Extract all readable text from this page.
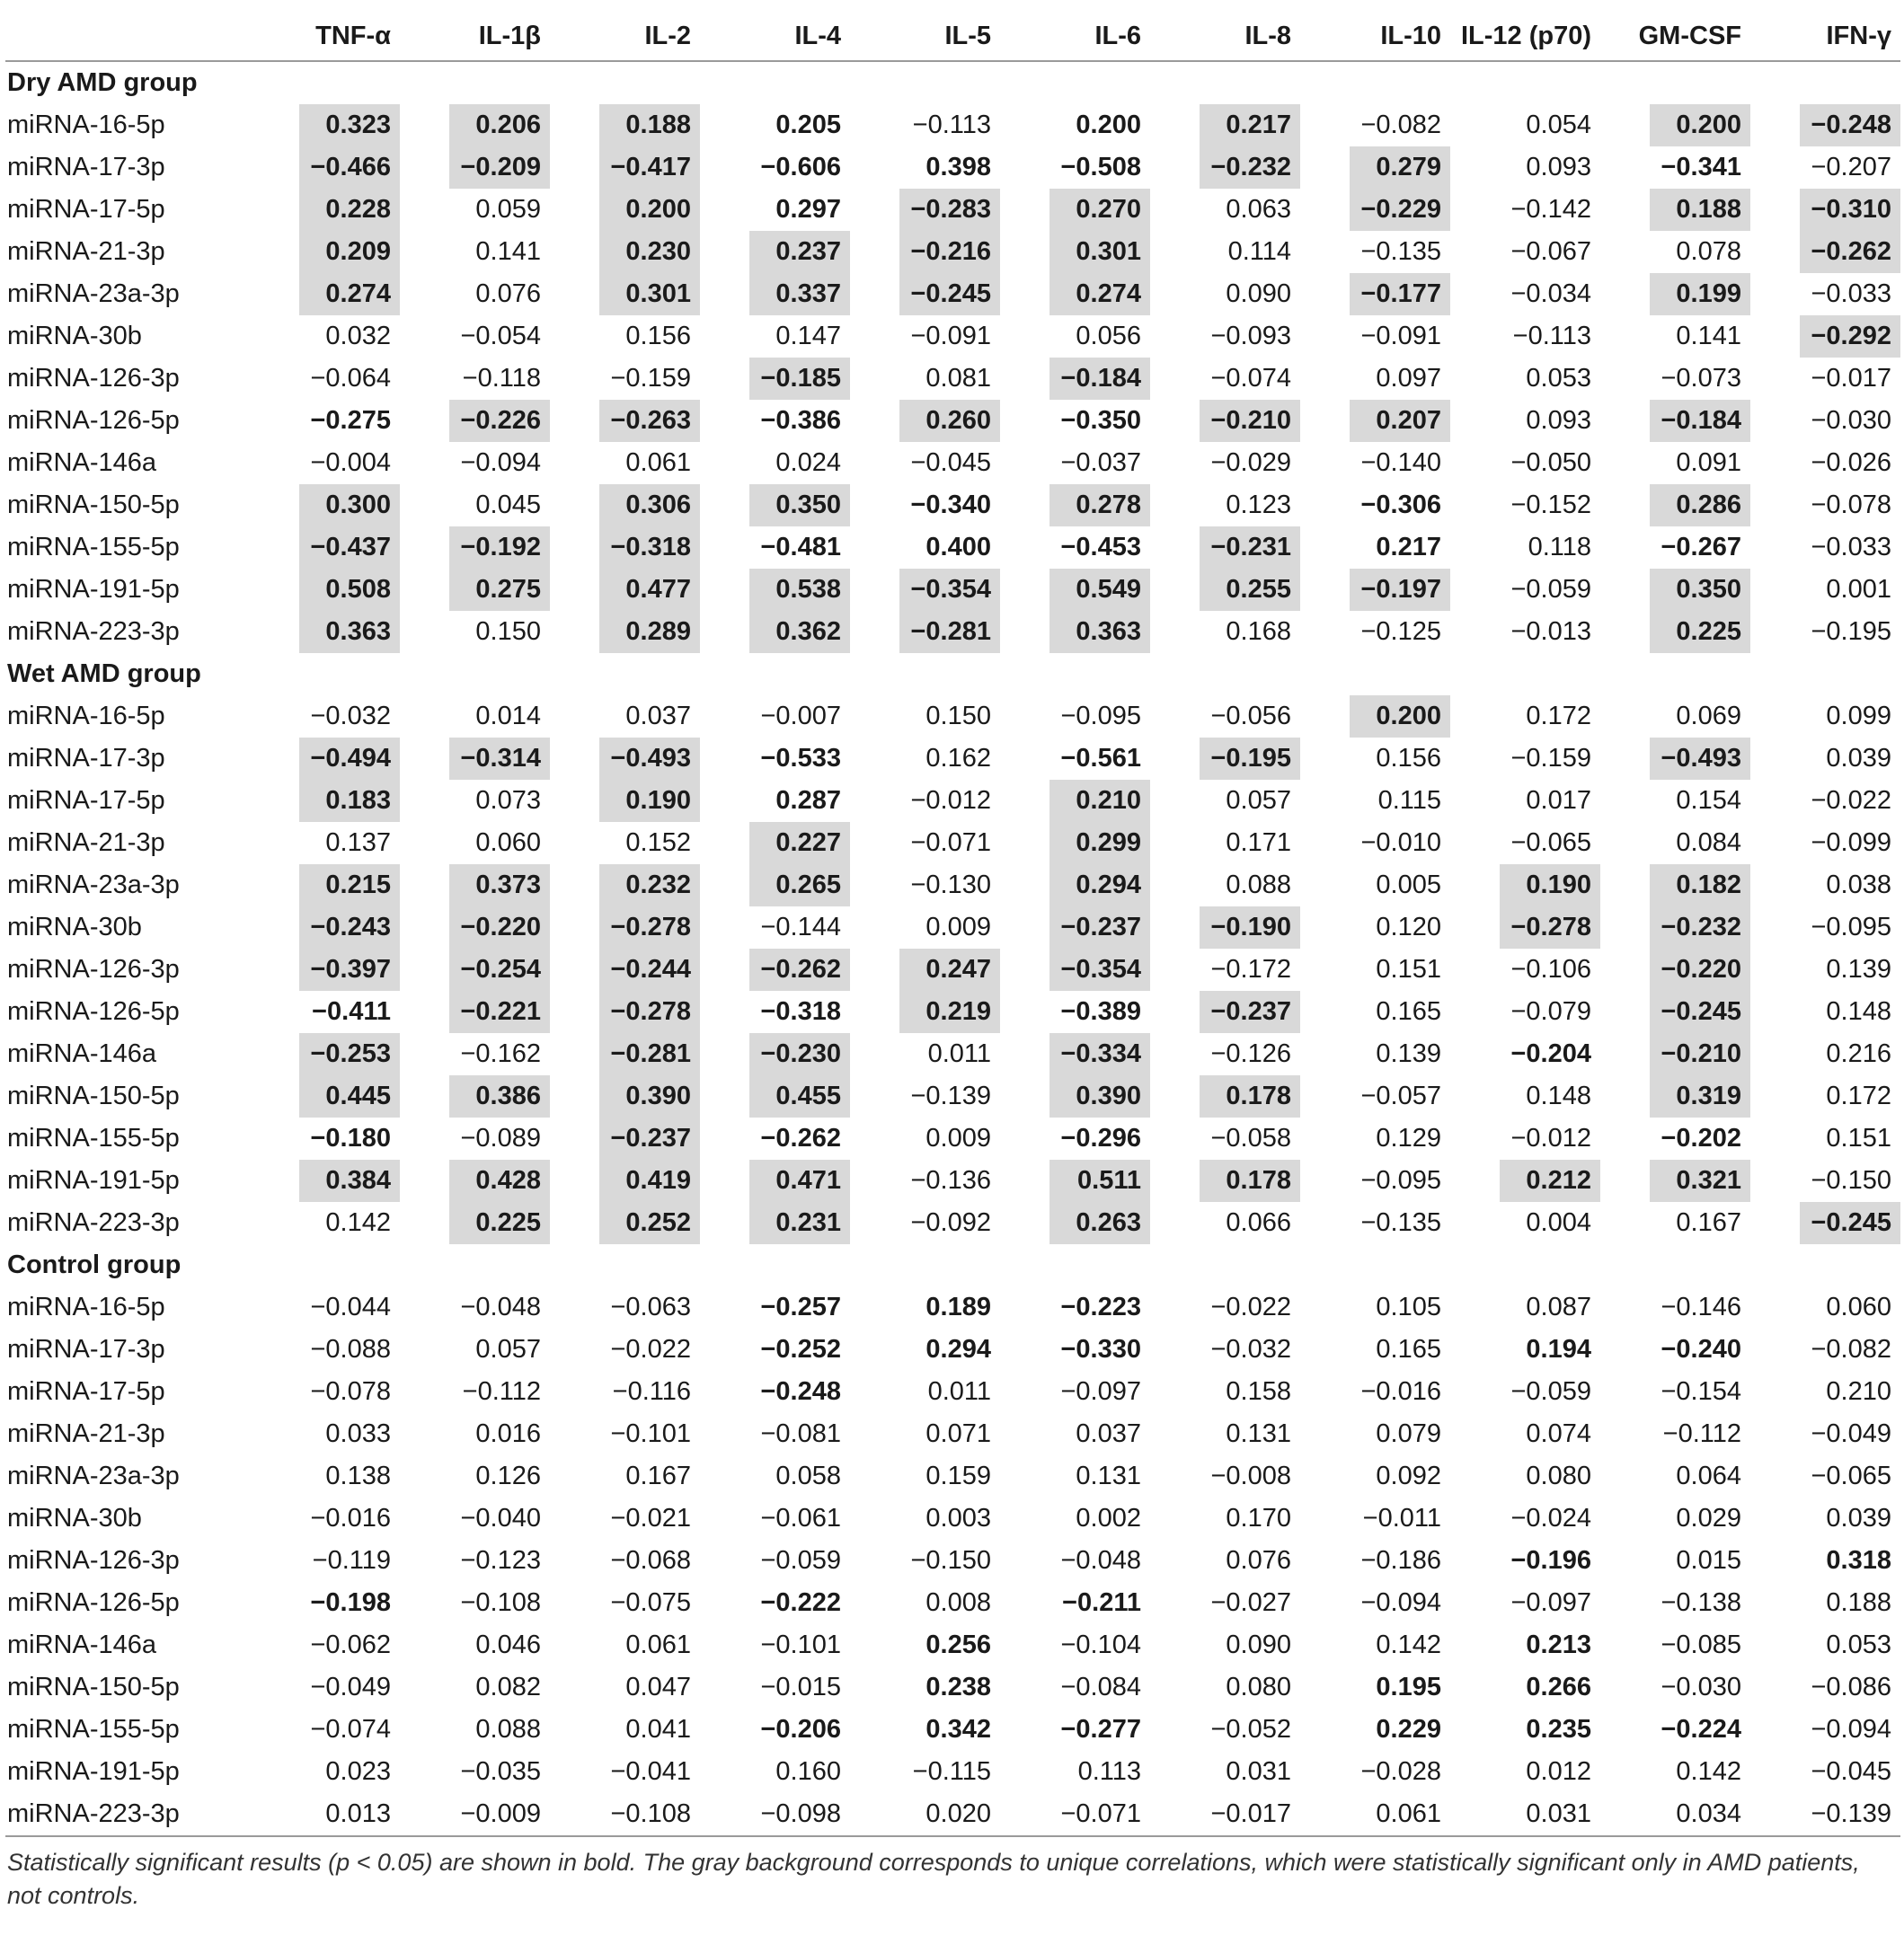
	TNF-α	IL-1β	IL-2	IL-4	IL-5	IL-6	IL-8	IL-10	IL-12 (p70)	GM-CSF	IFN-γ
Dry AMD group											
miRNA-16-5p	0.323	0.206	0.188	0.205	−0.113	0.200	0.217	−0.082	0.054	0.200	−0.248

miRNA-17-3p	−0.466	−0.209	−0.417	−0.606	0.398	−0.508	−0.232	0.279	0.093	−0.341	−0.207

miRNA-17-5p	0.228	0.059	0.200	0.297	−0.283	0.270	0.063	−0.229	−0.142	0.188	−0.310

miRNA-21-3p	0.209	0.141	0.230	0.237	−0.216	0.301	0.114	−0.135	−0.067	0.078	−0.262

miRNA-23a-3p	0.274	0.076	0.301	0.337	−0.245	0.274	0.090	−0.177	−0.034	0.199	−0.033

miRNA-30b	0.032	−0.054	0.156	0.147	−0.091	0.056	−0.093	−0.091	−0.113	0.141	−0.292

miRNA-126-3p	−0.064	−0.118	−0.159	−0.185	0.081	−0.184	−0.074	0.097	0.053	−0.073	−0.017

miRNA-126-5p	−0.275	−0.226	−0.263	−0.386	0.260	−0.350	−0.210	0.207	0.093	−0.184	−0.030

miRNA-146a	−0.004	−0.094	0.061	0.024	−0.045	−0.037	−0.029	−0.140	−0.050	0.091	−0.026

miRNA-150-5p	0.300	0.045	0.306	0.350	−0.340	0.278	0.123	−0.306	−0.152	0.286	−0.078

miRNA-155-5p	−0.437	−0.192	−0.318	−0.481	0.400	−0.453	−0.231	0.217	0.118	−0.267	−0.033

miRNA-191-5p	0.508	0.275	0.477	0.538	−0.354	0.549	0.255	−0.197	−0.059	0.350	0.001

miRNA-223-3p	0.363	0.150	0.289	0.362	−0.281	0.363	0.168	−0.125	−0.013	0.225	−0.195

Wet AMD group											
miRNA-16-5p	−0.032	0.014	0.037	−0.007	0.150	−0.095	−0.056	0.200	0.172	0.069	0.099

miRNA-17-3p	−0.494	−0.314	−0.493	−0.533	0.162	−0.561	−0.195	0.156	−0.159	−0.493	0.039

miRNA-17-5p	0.183	0.073	0.190	0.287	−0.012	0.210	0.057	0.115	0.017	0.154	−0.022

miRNA-21-3p	0.137	0.060	0.152	0.227	−0.071	0.299	0.171	−0.010	−0.065	0.084	−0.099

miRNA-23a-3p	0.215	0.373	0.232	0.265	−0.130	0.294	0.088	0.005	0.190	0.182	0.038

miRNA-30b	−0.243	−0.220	−0.278	−0.144	0.009	−0.237	−0.190	0.120	−0.278	−0.232	−0.095

miRNA-126-3p	−0.397	−0.254	−0.244	−0.262	0.247	−0.354	−0.172	0.151	−0.106	−0.220	0.139

miRNA-126-5p	−0.411	−0.221	−0.278	−0.318	0.219	−0.389	−0.237	0.165	−0.079	−0.245	0.148

miRNA-146a	−0.253	−0.162	−0.281	−0.230	0.011	−0.334	−0.126	0.139	−0.204	−0.210	0.216

miRNA-150-5p	0.445	0.386	0.390	0.455	−0.139	0.390	0.178	−0.057	0.148	0.319	0.172

miRNA-155-5p	−0.180	−0.089	−0.237	−0.262	0.009	−0.296	−0.058	0.129	−0.012	−0.202	0.151

miRNA-191-5p	0.384	0.428	0.419	0.471	−0.136	0.511	0.178	−0.095	0.212	0.321	−0.150

miRNA-223-3p	0.142	0.225	0.252	0.231	−0.092	0.263	0.066	−0.135	0.004	0.167	−0.245

Control group											
miRNA-16-5p	−0.044	−0.048	−0.063	−0.257	0.189	−0.223	−0.022	0.105	0.087	−0.146	0.060

miRNA-17-3p	−0.088	0.057	−0.022	−0.252	0.294	−0.330	−0.032	0.165	0.194	−0.240	−0.082

miRNA-17-5p	−0.078	−0.112	−0.116	−0.248	0.011	−0.097	0.158	−0.016	−0.059	−0.154	0.210

miRNA-21-3p	0.033	0.016	−0.101	−0.081	0.071	0.037	0.131	0.079	0.074	−0.112	−0.049

miRNA-23a-3p	0.138	0.126	0.167	0.058	0.159	0.131	−0.008	0.092	0.080	0.064	−0.065

miRNA-30b	−0.016	−0.040	−0.021	−0.061	0.003	0.002	0.170	−0.011	−0.024	0.029	0.039

miRNA-126-3p	−0.119	−0.123	−0.068	−0.059	−0.150	−0.048	0.076	−0.186	−0.196	0.015	0.318

miRNA-126-5p	−0.198	−0.108	−0.075	−0.222	0.008	−0.211	−0.027	−0.094	−0.097	−0.138	0.188

miRNA-146a	−0.062	0.046	0.061	−0.101	0.256	−0.104	0.090	0.142	0.213	−0.085	0.053

miRNA-150-5p	−0.049	0.082	0.047	−0.015	0.238	−0.084	0.080	0.195	0.266	−0.030	−0.086

miRNA-155-5p	−0.074	0.088	0.041	−0.206	0.342	−0.277	−0.052	0.229	0.235	−0.224	−0.094

miRNA-191-5p	0.023	−0.035	−0.041	0.160	−0.115	0.113	0.031	−0.028	0.012	0.142	−0.045

miRNA-223-3p	0.013	−0.009	−0.108	−0.098	0.020	−0.071	−0.017	0.061	0.031	0.034	−0.139
Statistically significant results (p < 0.05) are shown in bold. The gray background corresponds to unique correlations, which were statistically significant only in AMD patients, not controls.
